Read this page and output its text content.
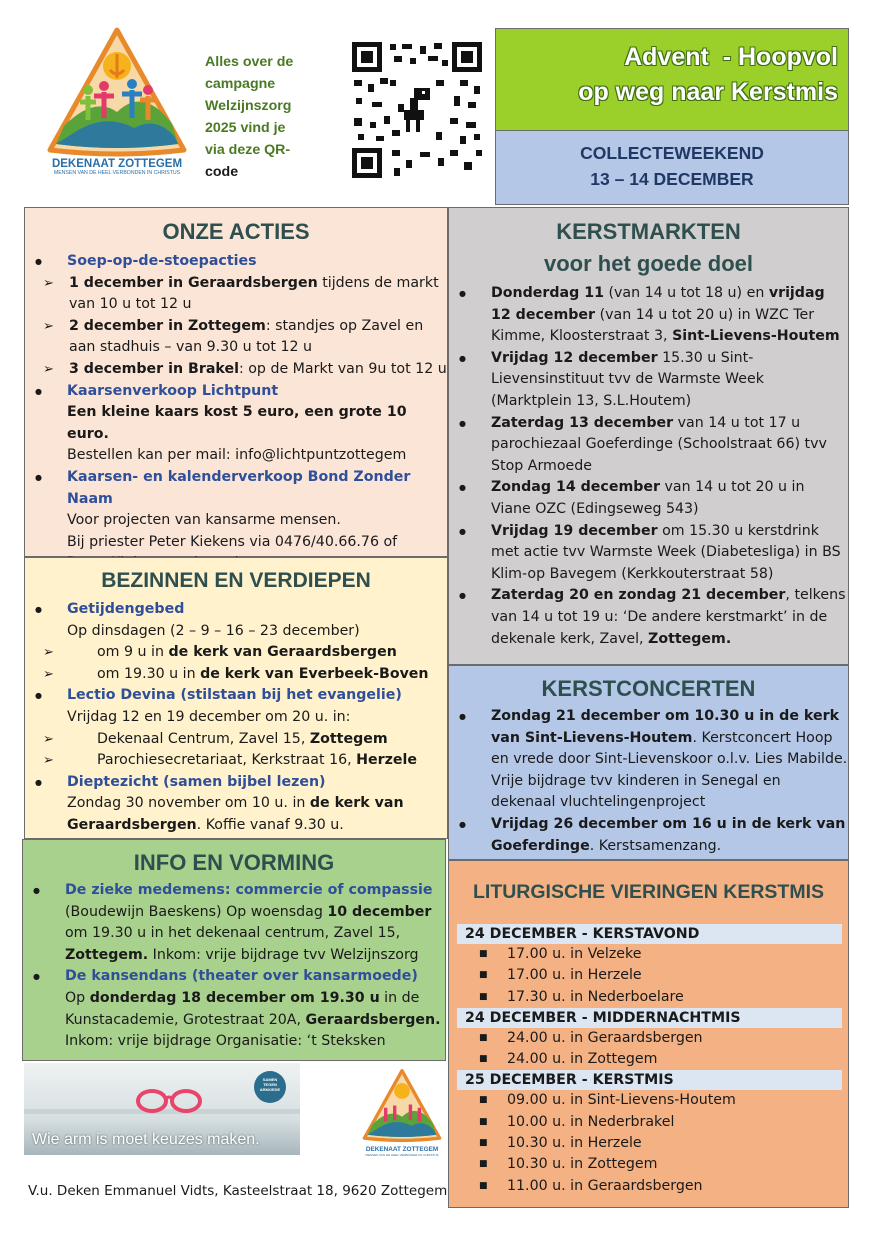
DEKENAAT ZOTTEGEM
MENSEN VAN DE HEEL VERBONDEN IN CHRISTUS
Alles over de
campagne
Welzijnszorg
2025 vind je
via deze QR-
code
Advent  - Hoopvol
op weg naar Kerstmis
COLLECTEWEEKEND
13 – 14 DECEMBER
ONZE ACTIES
● Soep-op-de-stoepacties
➢ 1 december in Geraardsbergen tijdens de markt van 10 u tot 12 u
➢ 2 december in Zottegem: standjes op Zavel en aan stadhuis – van 9.30 u tot 12 u
➢ 3 december in Brakel: op de Markt van 9u tot 12 u
● Kaarsenverkoop Lichtpunt
Een kleine kaars kost 5 euro, een grote 10 euro.
Bestellen kan per mail: info@lichtpuntzottegem
● Kaarsen- en kalenderverkoop Bond Zonder Naam
Voor projecten van kansarme mensen.
Bij priester Peter Kiekens via 0476/40.66.76 of
BEZINNEN EN VERDIEPEN
● Getijdengebed
Op dinsdagen (2 – 9 – 16 – 23 december)
➢ om 9 u in de kerk van Geraardsbergen
➢ om 19.30 u in de kerk van Everbeek-Boven
● Lectio Devina (stilstaan bij het evangelie)
Vrijdag 12 en 19 december om 20 u. in:
➢ Dekenaal Centrum, Zavel 15, Zottegem
➢ Parochiesecretariaat, Kerkstraat 16, Herzele
● Dieptezicht (samen bijbel lezen)
Zondag 30 november om 10 u. in de kerk van Geraardsbergen. Koffie vanaf 9.30 u.
INFO EN VORMING
● De zieke medemens: commercie of compassie
(Boudewijn Baeskens) Op woensdag 10 december om 19.30 u in het dekenaal centrum, Zavel 15, Zottegem. Inkom: vrije bijdrage tvv Welzijnszorg
● De kansendans (theater over kansarmoede)
Op donderdag 18 december om 19.30 u in de Kunstacademie, Grotestraat 20A, Geraardsbergen. Inkom: vrije bijdrage Organisatie: ‘t Steksken
SAMEN TEGEN ARMOEDE
Wie arm is moet keuzes maken.
DEKENAAT ZOTTEGEM
MENSEN VAN DE HEEL VERBONDEN IN CHRISTUS
V.u. Deken Emmanuel Vidts, Kasteelstraat 18, 9620 Zottegem
KERSTMARKTEN
voor het goede doel
● Donderdag 11 (van 14 u tot 18 u) en vrijdag 12 december (van 14 u tot 20 u) in WZC Ter Kimme, Kloosterstraat 3, Sint-Lievens-Houtem
● Vrijdag 12 december 15.30 u Sint-Lievensinstituut tvv de Warmste Week (Marktplein 13, S.L.Houtem)
● Zaterdag 13 december van 14 u tot 17 u parochiezaal Goeferdinge (Schoolstraat 66) tvv Stop Armoede
● Zondag 14 december van 14 u tot 20 u in Viane OZC (Edingseweg 543)
● Vrijdag 19 december om 15.30 u kerstdrink met actie tvv Warmste Week (Diabetesliga) in BS Klim-op Bavegem (Kerkkouterstraat 58)
● Zaterdag 20 en zondag 21 december, telkens van 14 u tot 19 u: ‘De andere kerstmarkt’ in de dekenale kerk, Zavel, Zottegem.
KERSTCONCERTEN
● Zondag 21 december om 10.30 u in de kerk van Sint-Lievens-Houtem. Kerstconcert Hoop en vrede door Sint-Lievenskoor o.l.v. Lies Mabilde. Vrije bijdrage tvv kinderen in Senegal en dekenaal vluchtelingenproject
● Vrijdag 26 december om 16 u in de kerk van Goeferdinge. Kerstsamenzang.
LITURGISCHE VIERINGEN KERSTMIS
24 DECEMBER - KERSTAVOND
■ 17.00 u. in Velzeke
■ 17.00 u. in Herzele
■ 17.30 u. in Nederboelare
24 DECEMBER - MIDDERNACHTMIS
■ 24.00 u. in Geraardsbergen
■ 24.00 u. in Zottegem
25 DECEMBER - KERSTMIS
■ 09.00 u. in Sint-Lievens-Houtem
■ 10.00 u. in Nederbrakel
■ 10.30 u. in Herzele
■ 10.30 u. in Zottegem
■ 11.00 u. in Geraardsbergen
